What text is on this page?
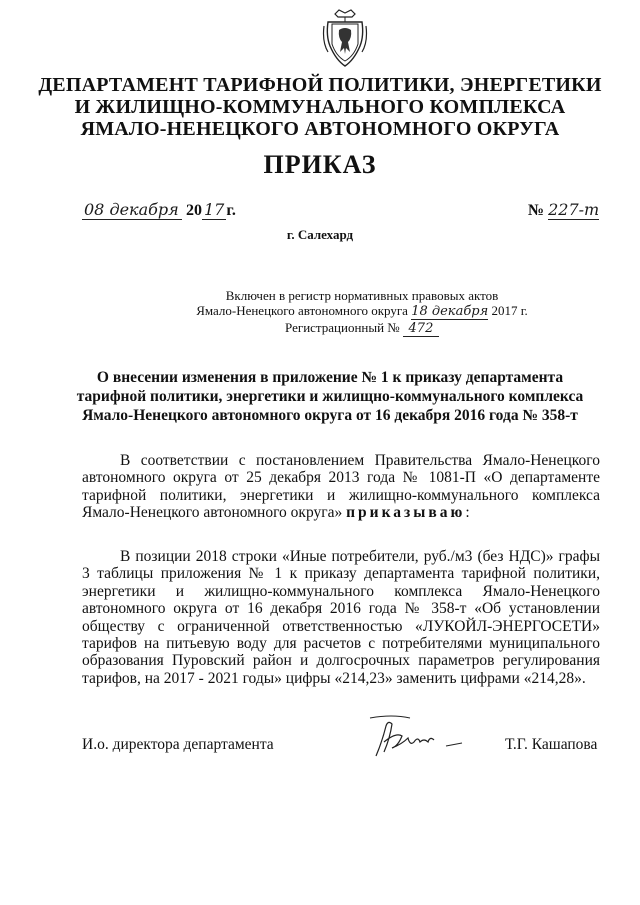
ДЕПАРТАМЕНТ ТАРИФНОЙ ПОЛИТИКИ, ЭНЕРГЕТИКИ
И ЖИЛИЩНО-КОММУНАЛЬНОГО КОМПЛЕКСА
ЯМАЛО-НЕНЕЦКОГО АВТОНОМНОГО ОКРУГА
ПРИКАЗ
08 декабря 20 17 г.	№ 227-т
г. Салехард
Включен в регистр нормативных правовых актов
Ямало-Ненецкого автономного округа 18 декабря 2017 г.
Регистрационный № 472
О внесении изменения в приложение № 1 к приказу департамента тарифной политики, энергетики и жилищно-коммунального комплекса Ямало-Ненецкого автономного округа от 16 декабря 2016 года № 358-т
В соответствии с постановлением Правительства Ямало-Ненецкого автономного округа от 25 декабря 2013 года № 1081-П «О департаменте тарифной политики, энергетики и жилищно-коммунального комплекса Ямало-Ненецкого автономного округа» приказываю:
В позиции 2018 строки «Иные потребители, руб./м3 (без НДС)» графы 3 таблицы приложения № 1 к приказу департамента тарифной политики, энергетики и жилищно-коммунального комплекса Ямало-Ненецкого автономного округа от 16 декабря 2016 года № 358-т «Об установлении обществу с ограниченной ответственностью «ЛУКОЙЛ-ЭНЕРГОСЕТИ» тарифов на питьевую воду для расчетов с потребителями муниципального образования Пуровский район и долгосрочных параметров регулирования тарифов, на 2017 - 2021 годы» цифры «214,23» заменить цифрами «214,28».
И.о. директора департамента	Т.Г. Кашапова
